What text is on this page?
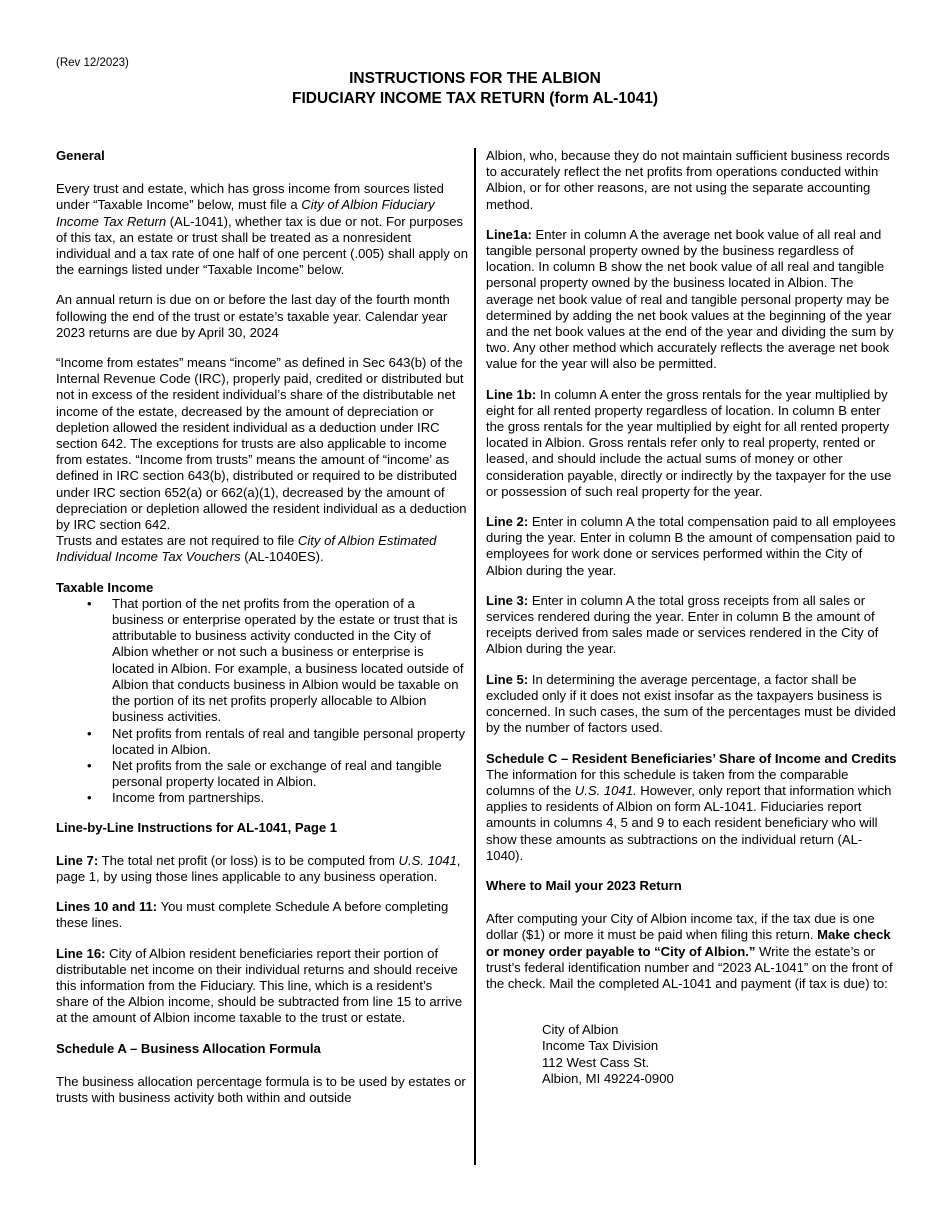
(Rev 12/2023)
INSTRUCTIONS FOR THE ALBION
FIDUCIARY INCOME TAX RETURN (form AL-1041)
General

Every trust and estate, which has gross income from sources listed under “Taxable Income” below, must file a City of Albion Fiduciary Income Tax Return (AL-1041), whether tax is due or not. For purposes of this tax, an estate or trust shall be treated as a nonresident individual and a tax rate of one half of one percent (.005) shall apply on the earnings listed under “Taxable Income” below.

An annual return is due on or before the last day of the fourth month following the end of the trust or estate’s taxable year. Calendar year 2023 returns are due by April 30, 2024

“Income from estates” means “income” as defined in Sec 643(b) of the Internal Revenue Code (IRC), properly paid, credited or distributed but not in excess of the resident individual’s share of the distributable net income of the estate, decreased by the amount of depreciation or depletion allowed the resident individual as a deduction under IRC section 642. The exceptions for trusts are also applicable to income from estates. “Income from trusts” means the amount of “income’ as defined in IRC section 643(b), distributed or required to be distributed under IRC section 652(a) or 662(a)(1), decreased by the amount of depreciation or depletion allowed the resident individual as a deduction by IRC section 642.

Trusts and estates are not required to file City of Albion Estimated Individual Income Tax Vouchers (AL-1040ES).

Taxable Income
• That portion of the net profits from the operation of a business or enterprise operated by the estate or trust that is attributable to business activity conducted in the City of Albion whether or not such a business or enterprise is located in Albion. For example, a business located outside of Albion that conducts business in Albion would be taxable on the portion of its net profits properly allocable to Albion business activities.
• Net profits from rentals of real and tangible personal property located in Albion.
• Net profits from the sale or exchange of real and tangible personal property located in Albion.
• Income from partnerships.
Line-by-Line Instructions for AL-1041, Page 1

Line 7: The total net profit (or loss) is to be computed from U.S. 1041, page 1, by using those lines applicable to any business operation.

Lines 10 and 11: You must complete Schedule A before completing these lines.

Line 16: City of Albion resident beneficiaries report their portion of distributable net income on their individual returns and should receive this information from the Fiduciary. This line, which is a resident’s share of the Albion income, should be subtracted from line 15 to arrive at the amount of Albion income taxable to the trust or estate.

Schedule A – Business Allocation Formula

The business allocation percentage formula is to be used by estates or trusts with business activity both within and outside

Albion, who, because they do not maintain sufficient business records to accurately reflect the net profits from operations conducted within Albion, or for other reasons, are not using the separate accounting method.

Line1a: Enter in column A the average net book value of all real and tangible personal property owned by the business regardless of location. In column B show the net book value of all real and tangible personal property owned by the business located in Albion. The average net book value of real and tangible personal property may be determined by adding the net book values at the beginning of the year and the net book values at the end of the year and dividing the sum by two. Any other method which accurately reflects the average net book value for the year will also be permitted.

Line 1b: In column A enter the gross rentals for the year multiplied by eight for all rented property regardless of location. In column B enter the gross rentals for the year multiplied by eight for all rented property located in Albion. Gross rentals refer only to real property, rented or leased, and should include the actual sums of money or other consideration payable, directly or indirectly by the taxpayer for the use or possession of such real property for the year.

Line 2: Enter in column A the total compensation paid to all employees during the year. Enter in column B the amount of compensation paid to employees for work done or services performed within the City of Albion during the year.

Line 3: Enter in column A the total gross receipts from all sales or services rendered during the year. Enter in column B the amount of receipts derived from sales made or services rendered in the City of Albion during the year.

Line 5: In determining the average percentage, a factor shall be excluded only if it does not exist insofar as the taxpayers business is concerned. In such cases, the sum of the percentages must be divided by the number of factors used.

Schedule C – Resident Beneficiaries’ Share of Income and Credits

The information for this schedule is taken from the comparable columns of the U.S. 1041. However, only report that information which applies to residents of Albion on form AL-1041. Fiduciaries report amounts in columns 4, 5 and 9 to each resident beneficiary who will show these amounts as subtractions on the individual return (AL-1040).

Where to Mail your 2023 Return

After computing your City of Albion income tax, if the tax due is one dollar ($1) or more it must be paid when filing this return. Make check or money order payable to “City of Albion.” Write the estate’s or trust’s federal identification number and “2023 AL-1041” on the front of the check. Mail the completed AL-1041 and payment (if tax is due) to:

City of Albion
Income Tax Division
112 West Cass St.
Albion, MI 49224-0900
